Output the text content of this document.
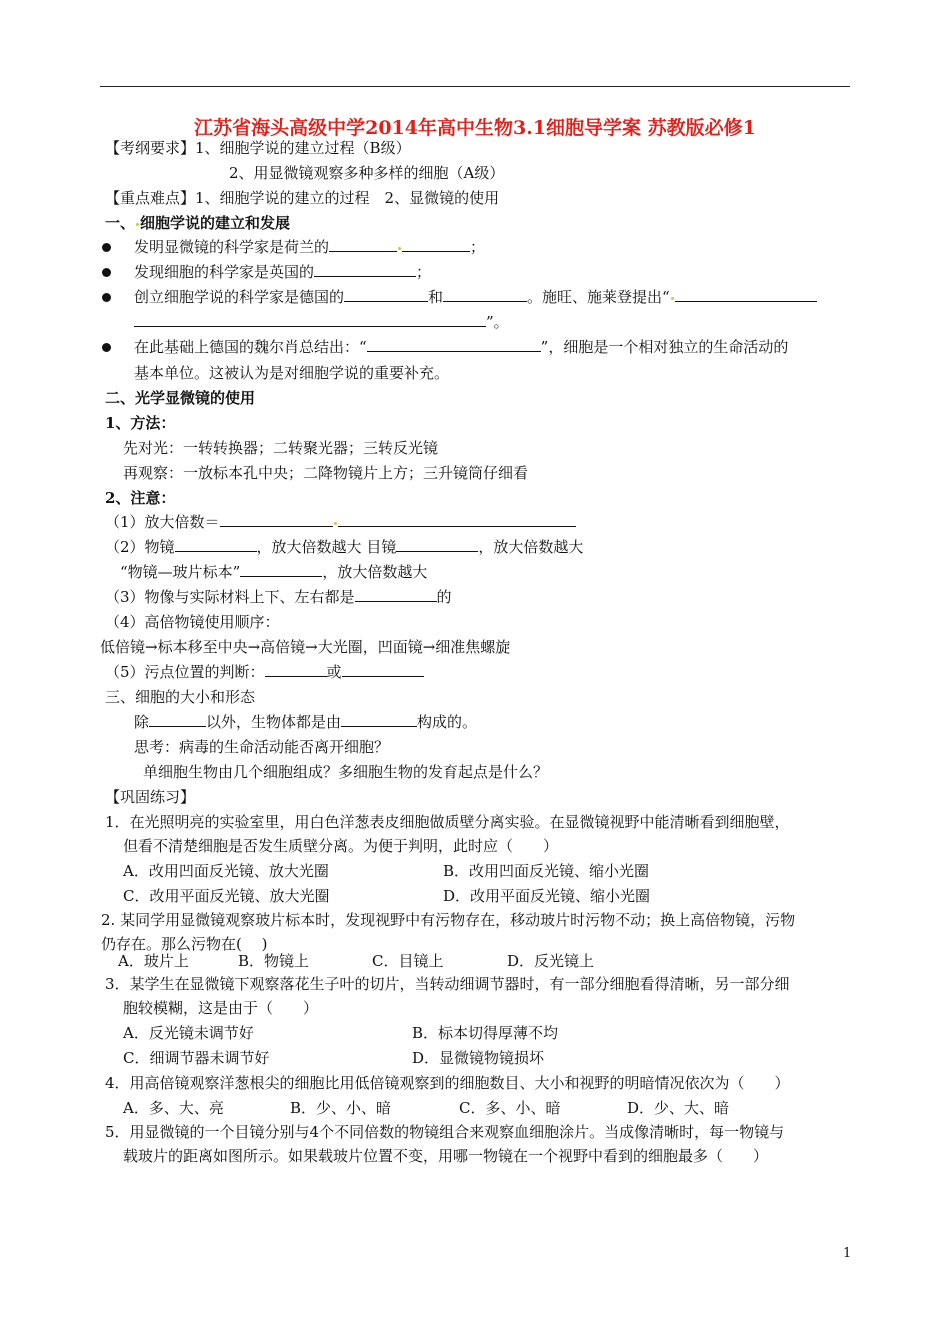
江苏省海头高级中学2014年高中生物3.1细胞导学案 苏教版必修1
【考纲要求】1、细胞学说的建立过程（B级）
2、用显微镜观察多种多样的细胞（A级）
【重点难点】1、细胞学说的建立的过程　2、显微镜的使用
一、 细胞学说的建立和发展
发明显微镜的科学家是荷兰的	；
发现细胞的科学家是英国的	；
创立细胞学说的科学家是德国的	和	。施旺、施莱登提出“
”。
在此基础上德国的魏尔肖总结出：“	”，细胞是一个相对独立的生命活动的
基本单位。这被认为是对细胞学说的重要补充。
二、光学显微镜的使用
1、方法：
先对光：一转转换器；二转聚光器；三转反光镜
再观察：一放标本孔中央；二降物镜片上方；三升镜筒仔细看
2、注意：
（1）放大倍数＝
（2）物镜	，放大倍数越大 目镜	，放大倍数越大
“物镜—玻片标本”	，放大倍数越大
（3）物像与实际材料上下、左右都是	的
（4）高倍物镜使用顺序：
低倍镜→标本移至中央→高倍镜→大光圈，凹面镜→细准焦螺旋
（5）污点位置的判断：	或
三、细胞的大小和形态
除	以外，生物体都是由	构成的。
思考：病毒的生命活动能否离开细胞？
单细胞生物由几个细胞组成？多细胞生物的发育起点是什么？
【巩固练习】
1．在光照明亮的实验室里，用白色洋葱表皮细胞做质壁分离实验。在显微镜视野中能清晰看到细胞壁，
但看不清楚细胞是否发生质壁分离。为便于判明，此时应（　　）
A．改用凹面反光镜、放大光圈	B．改用凹面反光镜、缩小光圈
C．改用平面反光镜、放大光圈	D．改用平面反光镜、缩小光圈
2. 某同学用显微镜观察玻片标本时，发现视野中有污物存在，移动玻片时污物不动；换上高倍物镜，污物
仍存在。那么污物在(　 )
A．玻片上	B．物镜上	C．目镜上	D．反光镜上
3．某学生在显微镜下观察落花生子叶的切片，当转动细调节器时，有一部分细胞看得清晰，另一部分细
胞较模糊，这是由于（　　）
A．反光镜未调节好	B．标本切得厚薄不均
C．细调节器未调节好	D．显微镜物镜损坏
4．用高倍镜观察洋葱根尖的细胞比用低倍镜观察到的细胞数目、大小和视野的明暗情况依次为（　　）
A．多、大、亮	B．少、小、暗	C．多、小、暗	D．少、大、暗
5．用显微镜的一个目镜分别与4个不同倍数的物镜组合来观察血细胞涂片。当成像清晰时，每一物镜与
载玻片的距离如图所示。如果载玻片位置不变，用哪一物镜在一个视野中看到的细胞最多（　　）
1
